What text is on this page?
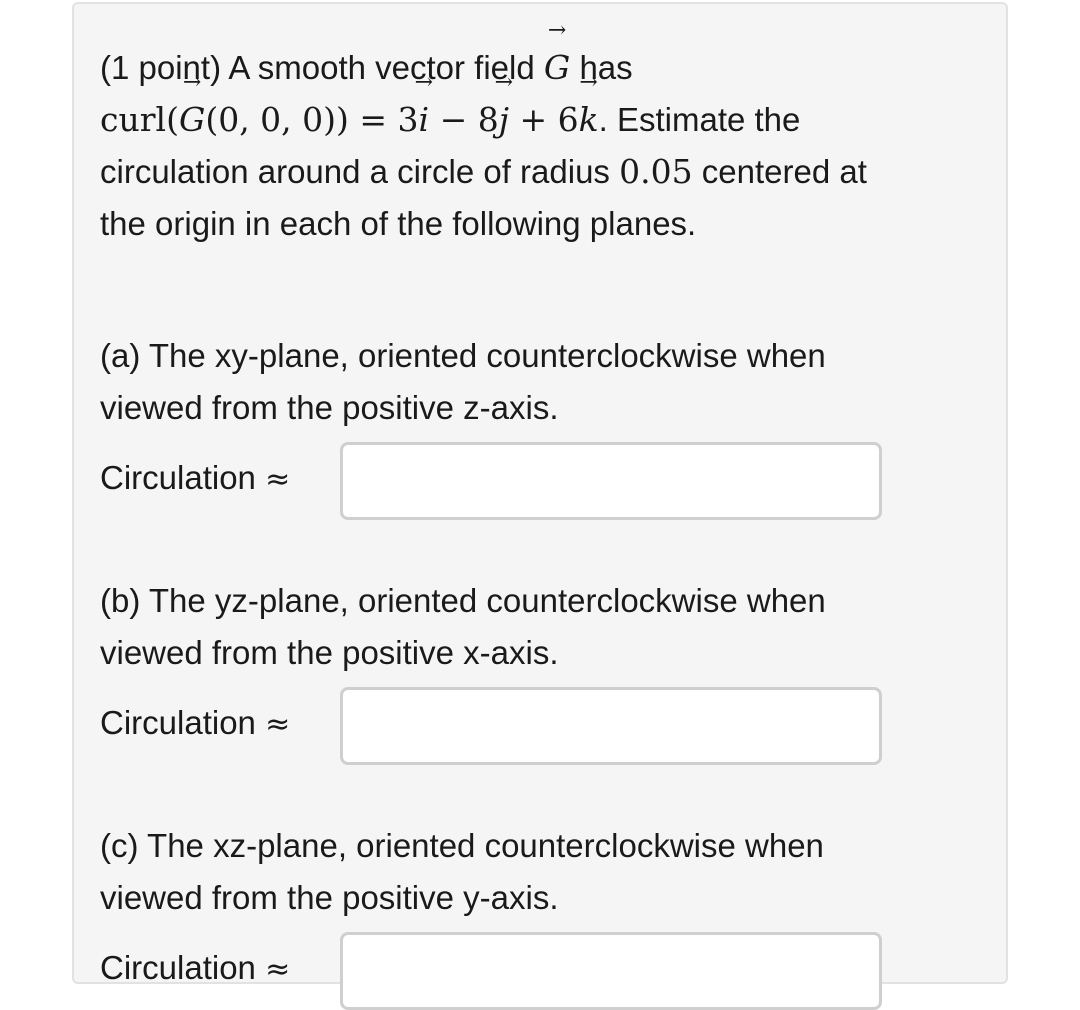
(1 point) A smooth vector field → G has
curl(→ G(0, 0, 0)) = 3→ i − 8→ j + 6→ k. Estimate the
circulation around a circle of radius 0.05 centered at
the origin in each of the following planes.

(a) The xy-plane, oriented counterclockwise when
viewed from the positive z-axis.

Circulation ≈

(b) The yz-plane, oriented counterclockwise when
viewed from the positive x-axis.

Circulation ≈

(c) The xz-plane, oriented counterclockwise when
viewed from the positive y-axis.

Circulation ≈
